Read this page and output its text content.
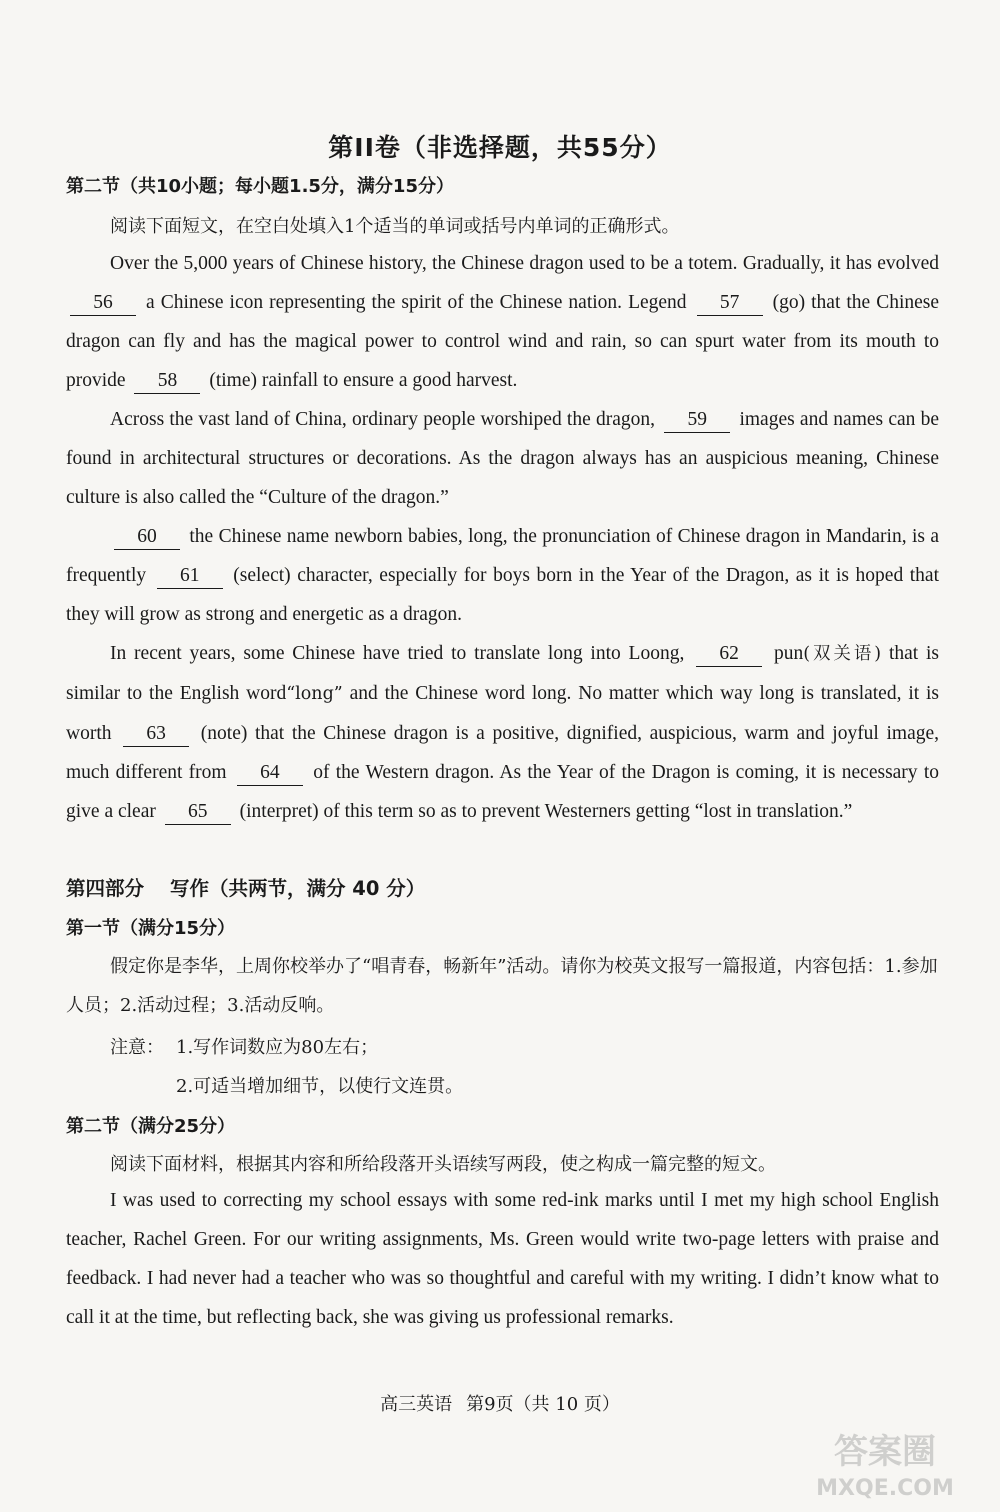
第II卷（非选择题，共55分）
第二节（共10小题；每小题1.5分，满分15分）
阅读下面短文，在空白处填入1个适当的单词或括号内单词的正确形式。
Over the 5,000 years of Chinese history, the Chinese dragon used to be a totem. Gradually, it has evolved 56 a Chinese icon representing the spirit of the Chinese nation. Legend 57 (go) that the Chinese dragon can fly and has the magical power to control wind and rain, so can spurt water from its mouth to provide 58 (time) rainfall to ensure a good harvest.
Across the vast land of China, ordinary people worshiped the dragon, 59 images and names can be found in architectural structures or decorations. As the dragon always has an auspicious meaning, Chinese culture is also called the “Culture of the dragon.”
60 the Chinese name newborn babies, long, the pronunciation of Chinese dragon in Mandarin, is a frequently 61 (select) character, especially for boys born in the Year of the Dragon, as it is hoped that they will grow as strong and energetic as a dragon.
In recent years, some Chinese have tried to translate long into Loong, 62 pun(双关语) that is similar to the English word“long” and the Chinese word long. No matter which way long is translated, it is worth 63 (note) that the Chinese dragon is a positive, dignified, auspicious, warm and joyful image, much different from 64 of the Western dragon. As the Year of the Dragon is coming, it is necessary to give a clear 65 (interpret) of this term so as to prevent Westerners getting “lost in translation.”
第四部分 写作（共两节，满分 40 分）
第一节（满分15分）
假定你是李华，上周你校举办了“唱青春，畅新年”活动。请你为校英文报写一篇报道，内容包括：1.参加人员；2.活动过程；3.活动反响。
注意： 1.写作词数应为80左右；
2.可适当增加细节，以使行文连贯。
第二节（满分25分）
阅读下面材料，根据其内容和所给段落开头语续写两段，使之构成一篇完整的短文。
I was used to correcting my school essays with some red-ink marks until I met my high school English teacher, Rachel Green. For our writing assignments, Ms. Green would write two-page letters with praise and feedback. I had never had a teacher who was so thoughtful and careful with my writing. I didn’t know what to call it at the time, but reflecting back, she was giving us professional remarks.
高三英语 第9页（共 10 页）
答案圈
MXQE.COM
